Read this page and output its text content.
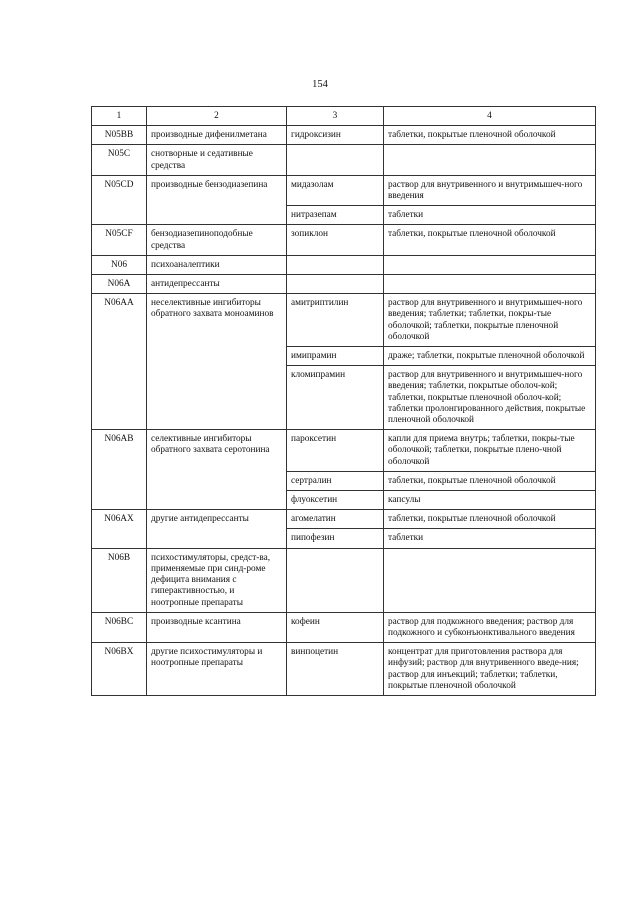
154
1	2	3	4
N05BB	производные дифенилметана	гидроксизин	таблетки, покрытые пленочной оболочкой
N05C	снотворные и седативные средства		
N05CD	производные бензодиазепина	мидазолам	раствор для внутривенного и внутримышеч-ного введения
		нитразепам	таблетки
N05CF	бензодиазепиноподобные средства	зопиклон	таблетки, покрытые пленочной оболочкой
N06	психоаналептики		
N06A	антидепрессанты		
N06AA	неселективные ингибиторы обратного захвата моноаминов	амитриптилин	раствор для внутривенного и внутримышеч-ного введения; таблетки; таблетки, покры-тые оболочкой; таблетки, покрытые пленочной оболочкой
		имипрамин	драже; таблетки, покрытые пленочной оболочкой
		кломипрамин	раствор для внутривенного и внутримышеч-ного введения; таблетки, покрытые оболоч-кой; таблетки, покрытые пленочной оболоч-кой; таблетки пролонгированного действия, покрытые пленочной оболочкой
N06AB	селективные ингибиторы обратного захвата серотонина	пароксетин	капли для приема внутрь; таблетки, покры-тые оболочкой; таблетки, покрытые плено-чной оболочкой
		сертралин	таблетки, покрытые пленочной оболочкой
		флуоксетин	капсулы
N06AX	другие антидепрессанты	агомелатин	таблетки, покрытые пленочной оболочкой
		пипофезин	таблетки
N06B	психостимуляторы, средст-ва, применяемые при синд-роме дефицита внимания с гиперактивностью, и ноотропные препараты		
N06BC	производные ксантина	кофеин	раствор для подкожного введения; раствор для подкожного и субконъюнктивального введения
N06BX	другие психостимуляторы и ноотропные препараты	винпоцетин	концентрат для приготовления раствора для инфузий; раствор для внутривенного введе-ния; раствор для инъекций; таблетки; таблетки, покрытые пленочной оболочкой
